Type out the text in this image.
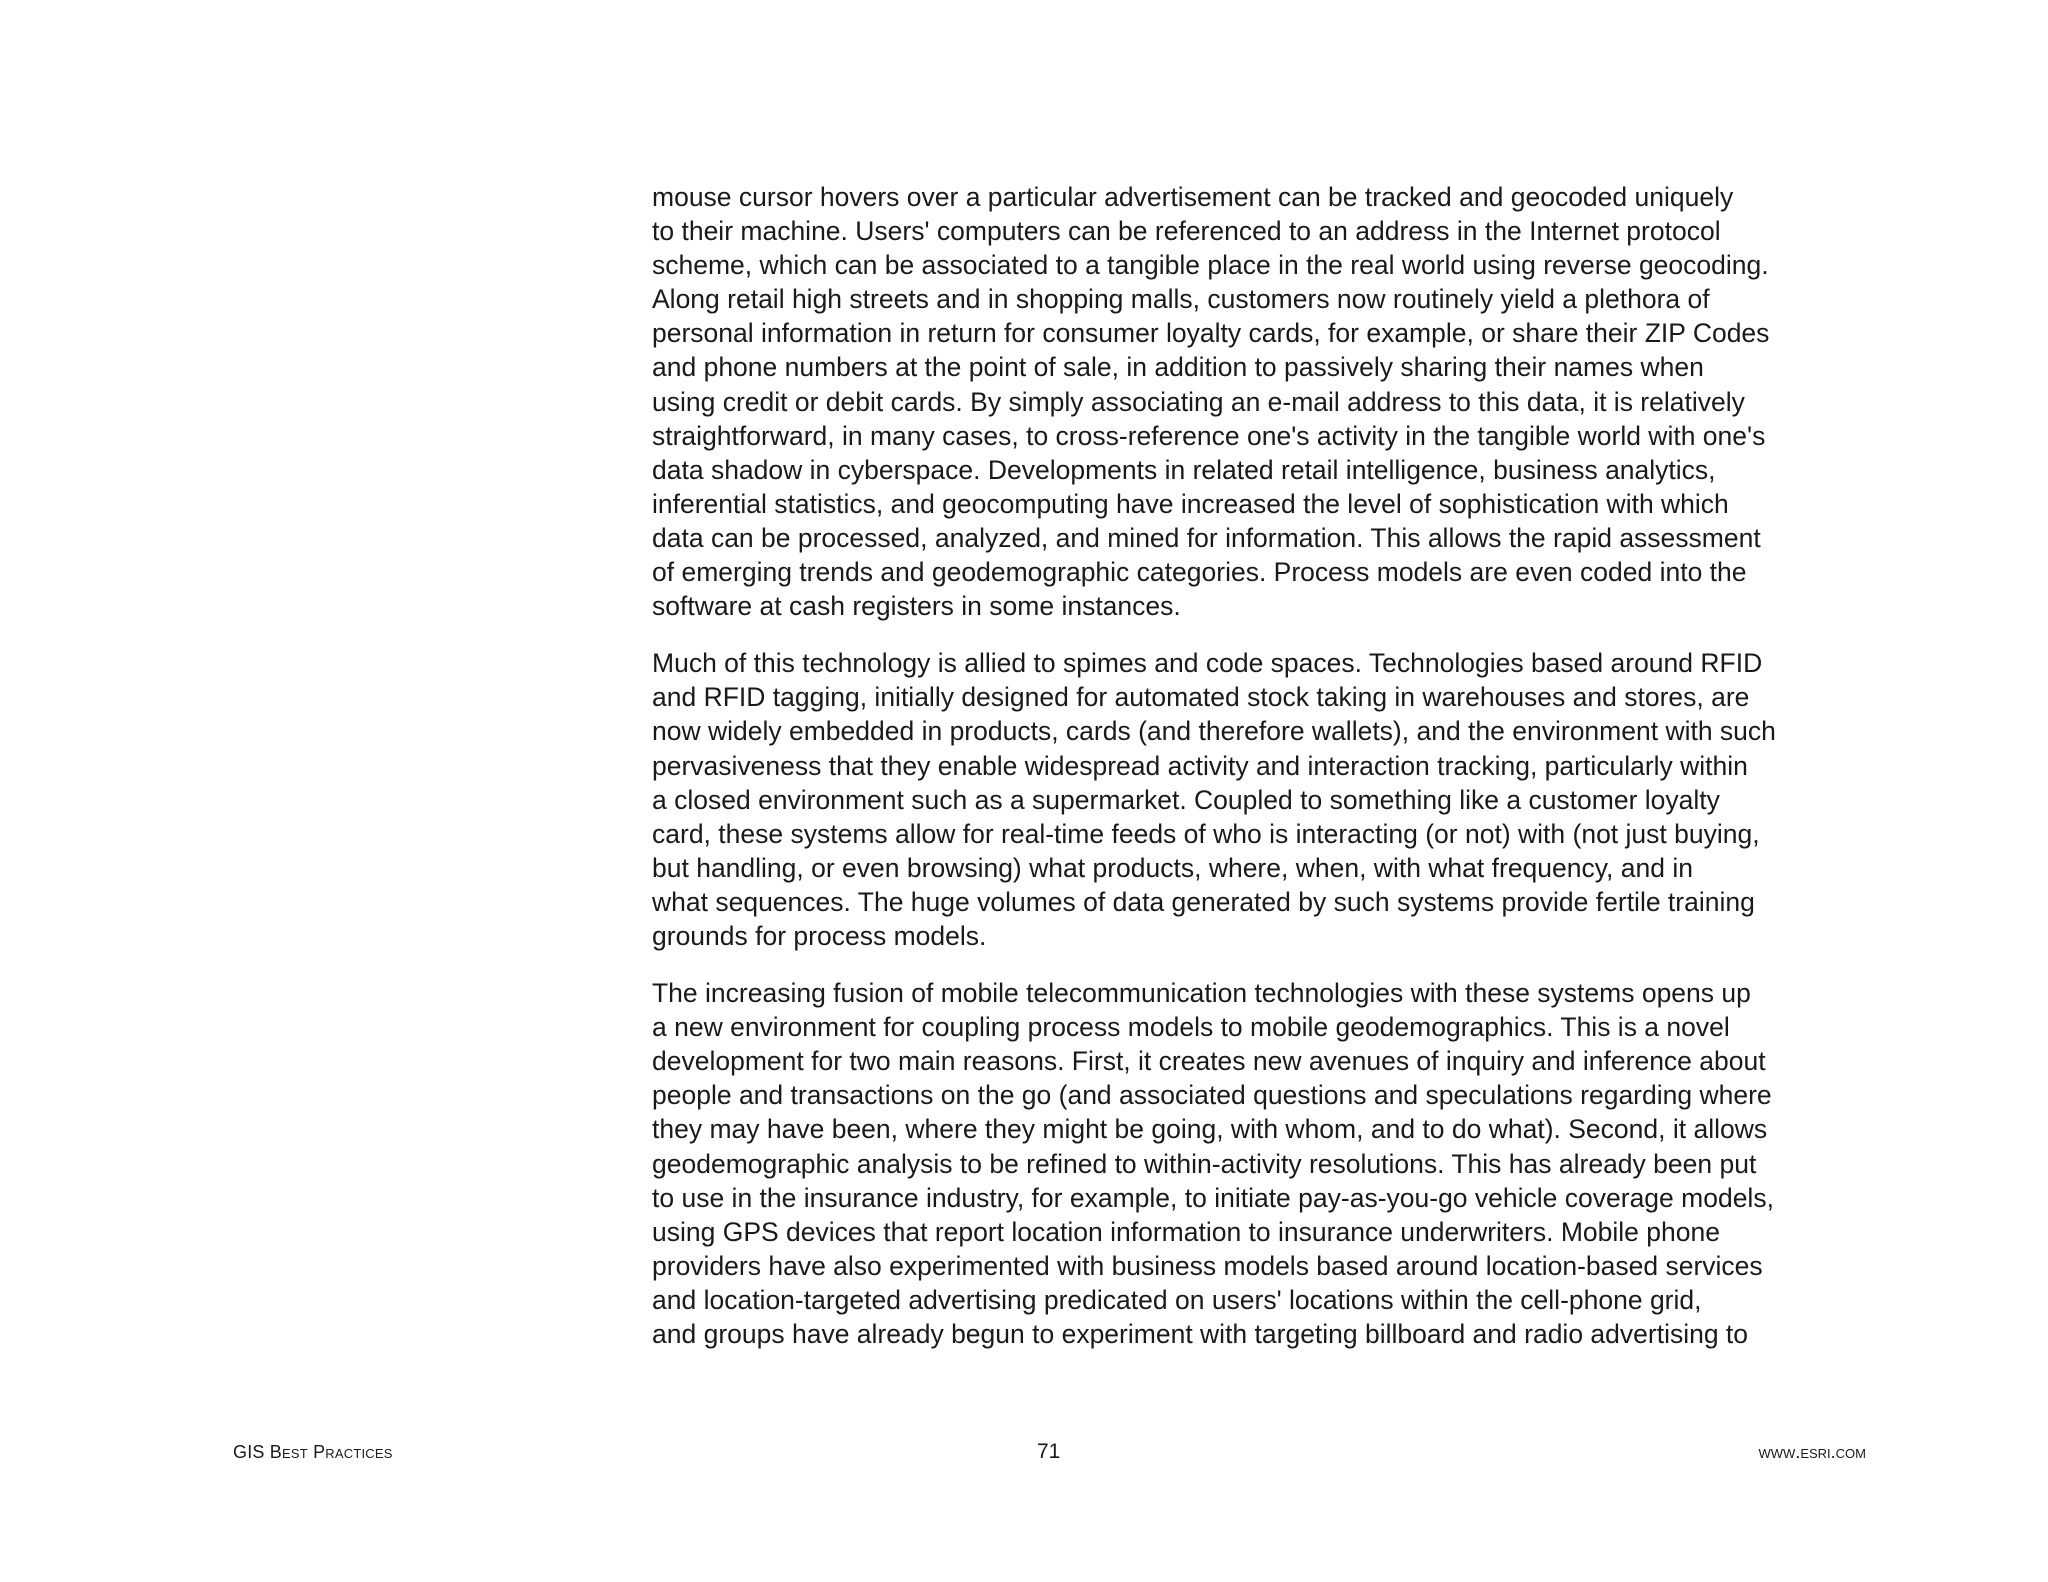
mouse cursor hovers over a particular advertisement can be tracked and geocoded uniquely
to their machine. Users' computers can be referenced to an address in the Internet protocol
scheme, which can be associated to a tangible place in the real world using reverse geocoding.
Along retail high streets and in shopping malls, customers now routinely yield a plethora of
personal information in return for consumer loyalty cards, for example, or share their ZIP Codes
and phone numbers at the point of sale, in addition to passively sharing their names when
using credit or debit cards. By simply associating an e-mail address to this data, it is relatively
straightforward, in many cases, to cross-reference one's activity in the tangible world with one's
data shadow in cyberspace. Developments in related retail intelligence, business analytics,
inferential statistics, and geocomputing have increased the level of sophistication with which
data can be processed, analyzed, and mined for information. This allows the rapid assessment
of emerging trends and geodemographic categories. Process models are even coded into the
software at cash registers in some instances.
Much of this technology is allied to spimes and code spaces. Technologies based around RFID
and RFID tagging, initially designed for automated stock taking in warehouses and stores, are
now widely embedded in products, cards (and therefore wallets), and the environment with such
pervasiveness that they enable widespread activity and interaction tracking, particularly within
a closed environment such as a supermarket. Coupled to something like a customer loyalty
card, these systems allow for real-time feeds of who is interacting (or not) with (not just buying,
but handling, or even browsing) what products, where, when, with what frequency, and in
what sequences. The huge volumes of data generated by such systems provide fertile training
grounds for process models.
The increasing fusion of mobile telecommunication technologies with these systems opens up
a new environment for coupling process models to mobile geodemographics. This is a novel
development for two main reasons. First, it creates new avenues of inquiry and inference about
people and transactions on the go (and associated questions and speculations regarding where
they may have been, where they might be going, with whom, and to do what). Second, it allows
geodemographic analysis to be refined to within-activity resolutions. This has already been put
to use in the insurance industry, for example, to initiate pay-as-you-go vehicle coverage models,
using GPS devices that report location information to insurance underwriters. Mobile phone
providers have also experimented with business models based around location-based services
and location-targeted advertising predicated on users' locations within the cell-phone grid,
and groups have already begun to experiment with targeting billboard and radio advertising to
GIS Best Practices	71	www.esri.com
